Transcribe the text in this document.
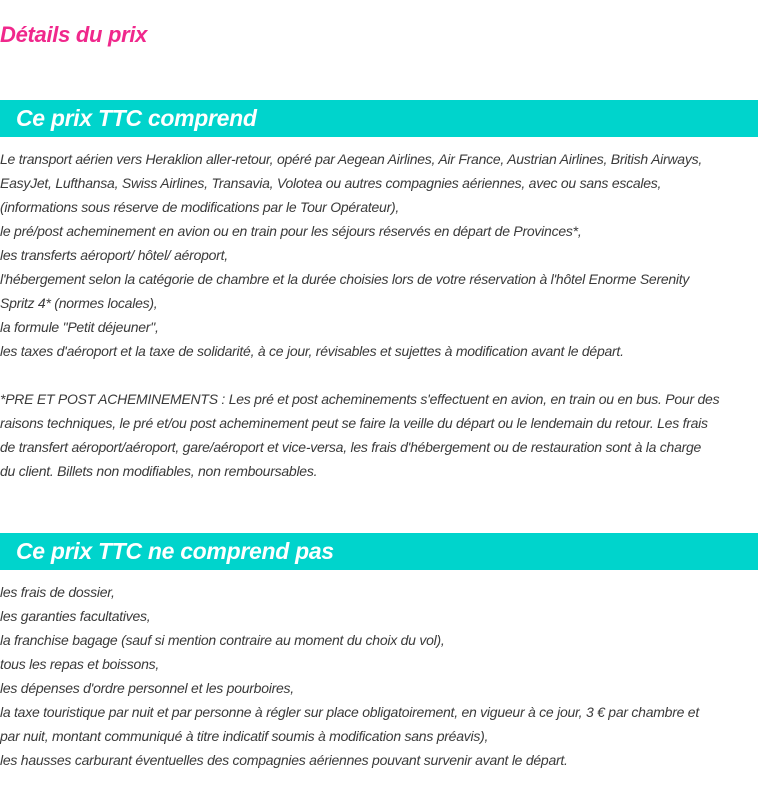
Détails du prix
Ce prix TTC comprend
Le transport aérien vers Heraklion aller-retour, opéré par Aegean Airlines, Air France, Austrian Airlines, British Airways,
EasyJet, Lufthansa, Swiss Airlines, Transavia, Volotea ou autres compagnies aériennes, avec ou sans escales,
(informations sous réserve de modifications par le Tour Opérateur),
le pré/post acheminement en avion ou en train pour les séjours réservés en départ de Provinces*,
les transferts aéroport/ hôtel/ aéroport,
l'hébergement selon la catégorie de chambre et la durée choisies lors de votre réservation à l'hôtel Enorme Serenity
Spritz 4* (normes locales),
la formule "Petit déjeuner",
les taxes d'aéroport et la taxe de solidarité, à ce jour, révisables et sujettes à modification avant le départ.
*PRE ET POST ACHEMINEMENTS : Les pré et post acheminements s'effectuent en avion, en train ou en bus. Pour des
raisons techniques, le pré et/ou post acheminement peut se faire la veille du départ ou le lendemain du retour. Les frais
de transfert aéroport/aéroport, gare/aéroport et vice-versa, les frais d'hébergement ou de restauration sont à la charge
du client. Billets non modifiables, non remboursables.
Ce prix TTC ne comprend pas
les frais de dossier,
les garanties facultatives,
la franchise bagage (sauf si mention contraire au moment du choix du vol),
tous les repas et boissons,
les dépenses d'ordre personnel et les pourboires,
la taxe touristique par nuit et par personne à régler sur place obligatoirement, en vigueur à ce jour, 3 € par chambre et
par nuit, montant communiqué à titre indicatif soumis à modification sans préavis),
les hausses carburant éventuelles des compagnies aériennes pouvant survenir avant le départ.
